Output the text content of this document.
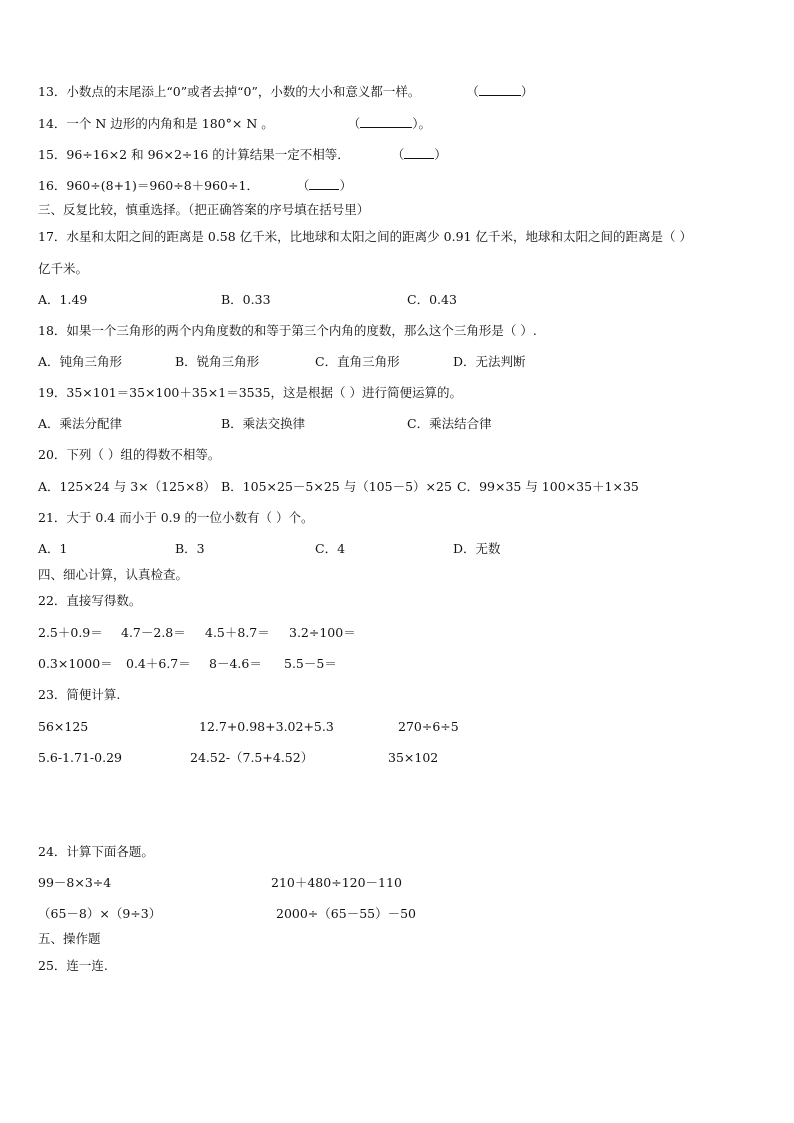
13．小数点的末尾添上“0”或者去掉“0”，小数的大小和意义都一样。	（	）
14．一个 N 边形的内角和是 180°× N 。	（	）。
15．96÷16×2 和 96×2÷16 的计算结果一定不相等．	（ ）
16．960÷(8+1)＝960÷8＋960÷1．	（ ）
三、反复比较，慎重选择。（把正确答案的序号填在括号里）
17．水星和太阳之间的距离是 0.58 亿千米，比地球和太阳之间的距离少 0.91 亿千米，地球和太阳之间的距离是（ ）
亿千米。
A．1.49	B．0.33	C．0.43
18．如果一个三角形的两个内角度数的和等于第三个内角的度数，那么这个三角形是（ ）.
A．钝角三角形	B．锐角三角形	C．直角三角形	D．无法判断
19．35×101＝35×100＋35×1＝3535，这是根据（ ）进行简便运算的。
A．乘法分配律	B．乘法交换律	C．乘法结合律
20．下列（ ）组的得数不相等。
A．125×24 与 3×（125×8） B．105×25－5×25 与（105－5）×25 C．99×35 与 100×35＋1×35
21．大于 0.4 而小于 0.9 的一位小数有（ ）个。
A．1	B．3	C．4	D．无数
四、细心计算，认真检查。
22．直接写得数。
2.5＋0.9＝ 4.7－2.8＝ 4.5＋8.7＝ 3.2÷100＝
0.3×1000＝ 0.4＋6.7＝ 8－4.6＝ 5.5－5＝
23．简便计算.
56×125	12.7+0.98+3.02+5.3	270÷6÷5
5.6-1.71-0.29	24.52-（7.5+4.52）	35×102
24．计算下面各题。
99－8×3÷4	210＋480÷120－110
（65－8）×（9÷3）	2000÷（65－55）－50
五、操作题
25．连一连.
